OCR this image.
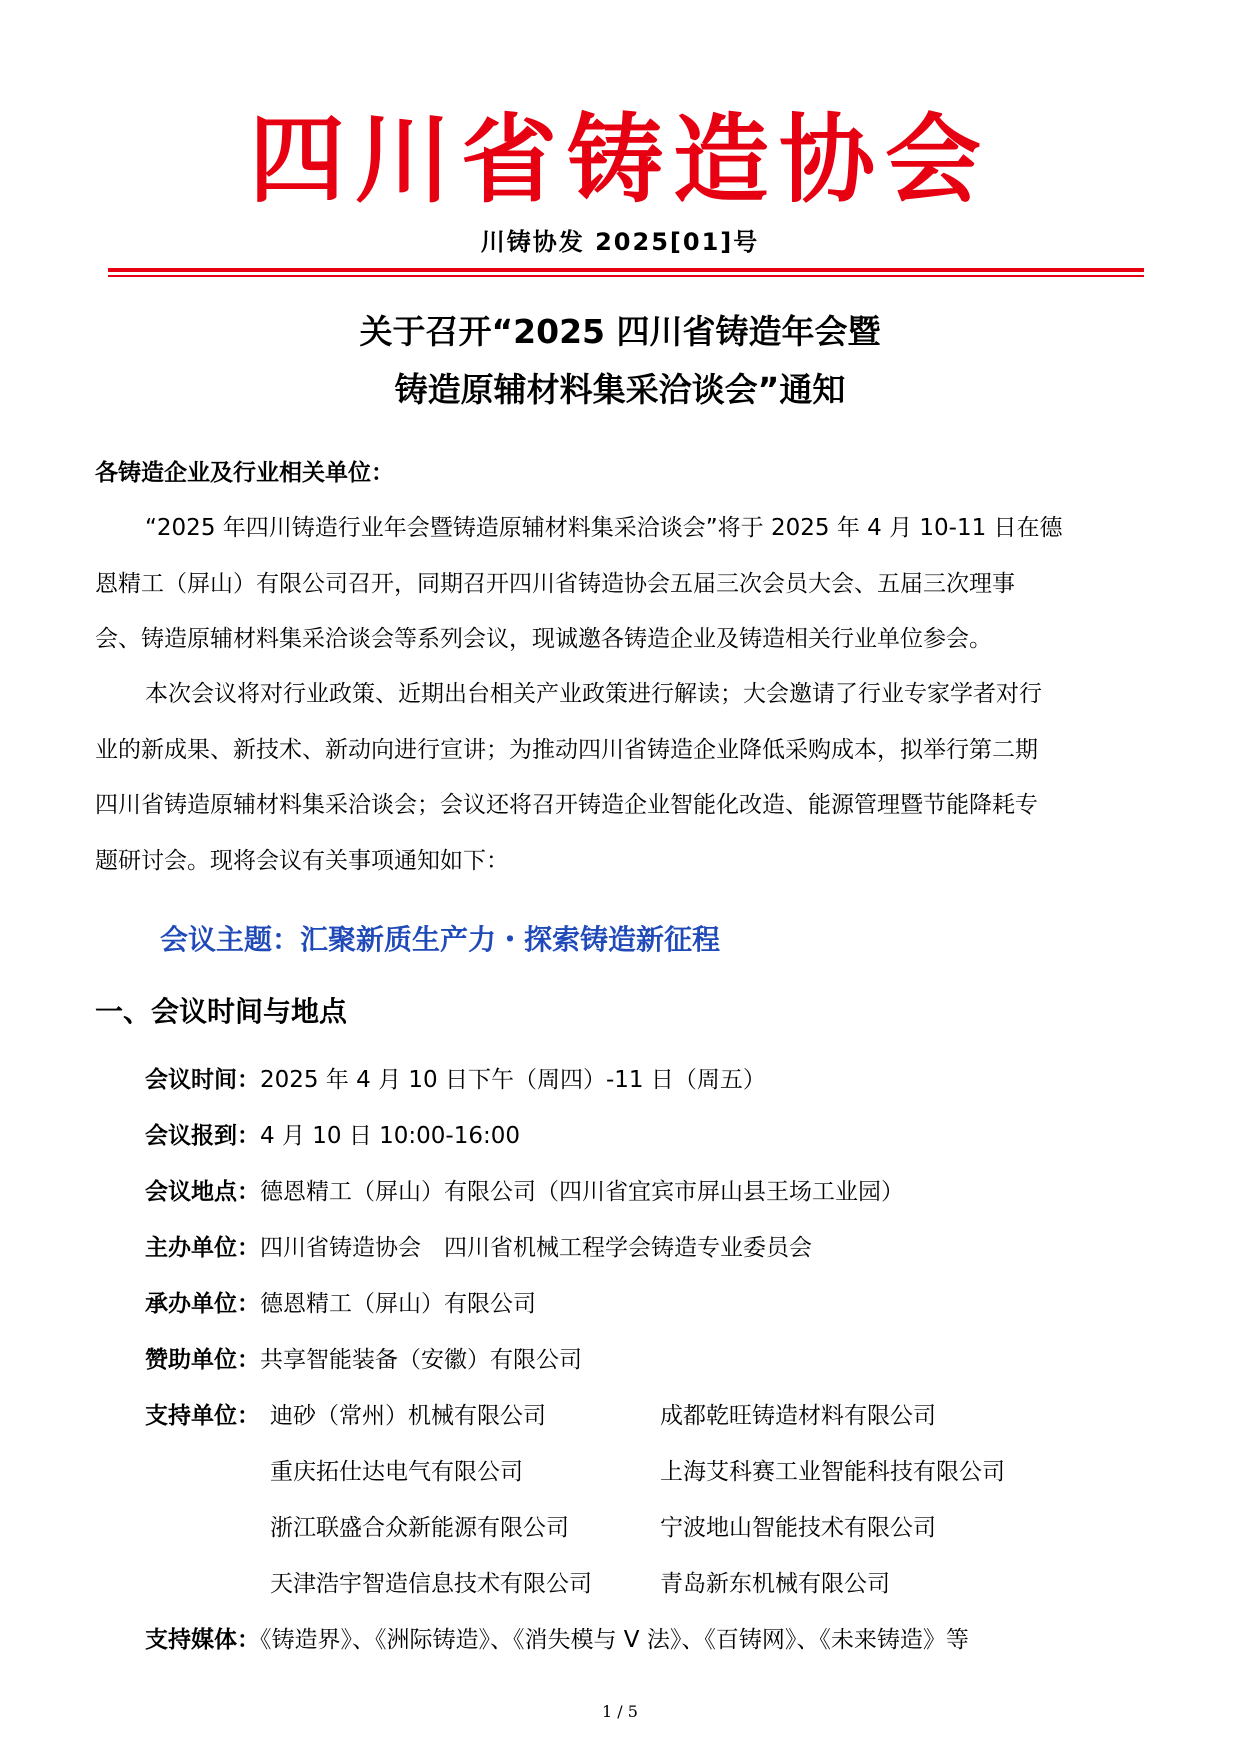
四川省铸造协会
川铸协发 2025[01]号
关于召开“2025 四川省铸造年会暨
铸造原辅材料集采洽谈会”通知
各铸造企业及行业相关单位：
“2025 年四川铸造行业年会暨铸造原辅材料集采洽谈会”将于 2025 年 4 月 10-11 日在德
恩精工（屏山）有限公司召开，同期召开四川省铸造协会五届三次会员大会、五届三次理事
会、铸造原辅材料集采洽谈会等系列会议，现诚邀各铸造企业及铸造相关行业单位参会。
本次会议将对行业政策、近期出台相关产业政策进行解读；大会邀请了行业专家学者对行
业的新成果、新技术、新动向进行宣讲；为推动四川省铸造企业降低采购成本，拟举行第二期
四川省铸造原辅材料集采洽谈会；会议还将召开铸造企业智能化改造、能源管理暨节能降耗专
题研讨会。现将会议有关事项通知如下：
会议主题：汇聚新质生产力・探索铸造新征程
一、会议时间与地点
会议时间：2025 年 4 月 10 日下午（周四）-11 日（周五）
会议报到：4 月 10 日 10:00-16:00
会议地点：德恩精工（屏山）有限公司（四川省宜宾市屏山县王场工业园）
主办单位：四川省铸造协会　四川省机械工程学会铸造专业委员会
承办单位：德恩精工（屏山）有限公司
赞助单位：共享智能装备（安徽）有限公司
支持单位： 迪砂（常州）机械有限公司	成都乾旺铸造材料有限公司
重庆拓仕达电气有限公司	上海艾科赛工业智能科技有限公司
浙江联盛合众新能源有限公司	宁波地山智能技术有限公司
天津浩宇智造信息技术有限公司	青岛新东机械有限公司
支持媒体：《铸造界》、《洲际铸造》、《消失模与 V 法》、《百铸网》、《未来铸造》等
1 / 5
